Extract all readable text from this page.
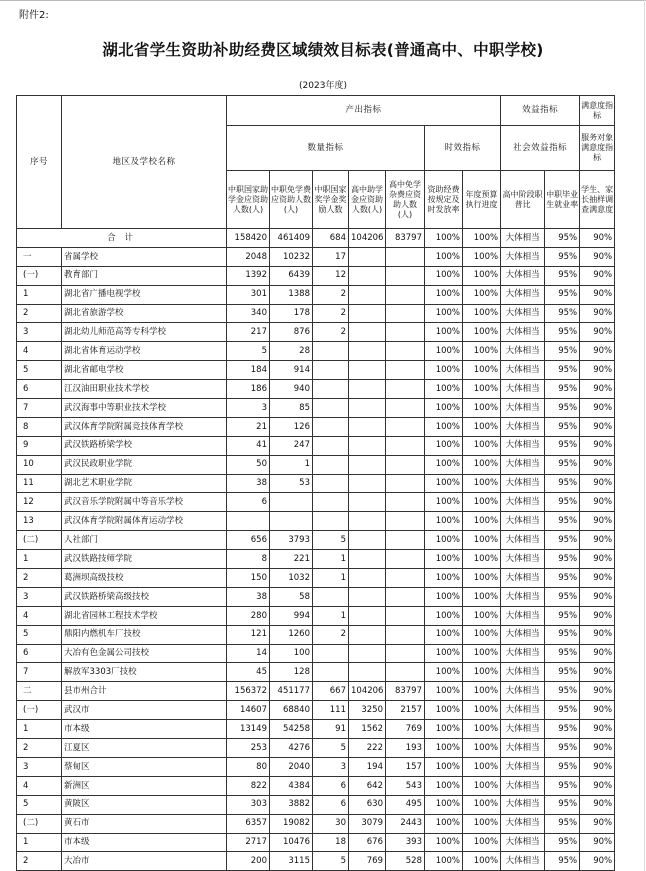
附件2:
湖北省学生资助补助经费区域绩效目标表(普通高中、中职学校)
(2023年度)
序号	地区及学校名称	产出指标							效益指标		满意度指标
		数量指标					时效指标		社会效益指标		服务对象满意度指标
		中职国家助学金应资助人数(人)	中职免学费应资助人数(人)	中职国家奖学金奖励人数	高中助学金应资助人数(人)	高中免学杂费应资助人数(人)	资助经费按规定及时发放率	年度预算执行进度	高中阶段职普比	中职毕业生就业率	学生、家长抽样调查满意度
合 计		158420	461409	684	104206	83797	100%	100%	大体相当	95%	90%
一	省属学校	2048	10232	17			100%	100%	大体相当	95%	90%
(一)	教育部门	1392	6439	12			100%	100%	大体相当	95%	90%
1	湖北省广播电视学校	301	1388	2			100%	100%	大体相当	95%	90%
2	湖北省旅游学校	340	178	2			100%	100%	大体相当	95%	90%
3	湖北幼儿师范高等专科学校	217	876	2			100%	100%	大体相当	95%	90%
4	湖北省体育运动学校	5	28				100%	100%	大体相当	95%	90%
5	湖北省邮电学校	184	914				100%	100%	大体相当	95%	90%
6	江汉油田职业技术学校	186	940				100%	100%	大体相当	95%	90%
7	武汉海事中等职业技术学校	3	85				100%	100%	大体相当	95%	90%
8	武汉体育学院附属竞技体育学校	21	126				100%	100%	大体相当	95%	90%
9	武汉铁路桥梁学校	41	247				100%	100%	大体相当	95%	90%
10	武汉民政职业学院	50	1				100%	100%	大体相当	95%	90%
11	湖北艺术职业学院	38	53				100%	100%	大体相当	95%	90%
12	武汉音乐学院附属中等音乐学校	6					100%	100%	大体相当	95%	90%
13	武汉体育学院附属体育运动学校						100%	100%	大体相当	95%	90%
(二)	人社部门	656	3793	5			100%	100%	大体相当	95%	90%
1	武汉铁路技师学院	8	221	1			100%	100%	大体相当	95%	90%
2	葛洲坝高级技校	150	1032	1			100%	100%	大体相当	95%	90%
3	武汉铁路桥梁高级技校	38	58				100%	100%	大体相当	95%	90%
4	湖北省园林工程技术学校	280	994	1			100%	100%	大体相当	95%	90%
5	鼎阳内燃机车厂技校	121	1260	2			100%	100%	大体相当	95%	90%
6	大冶有色金属公司技校	14	100				100%	100%	大体相当	95%	90%
7	解放军3303厂技校	45	128				100%	100%	大体相当	95%	90%
二	县市州合计	156372	451177	667	104206	83797	100%	100%	大体相当	95%	90%
(一)	武汉市	14607	68840	111	3250	2157	100%	100%	大体相当	95%	90%
1	市本级	13149	54258	91	1562	769	100%	100%	大体相当	95%	90%
2	江夏区	253	4276	5	222	193	100%	100%	大体相当	95%	90%
3	蔡甸区	80	2040	3	194	157	100%	100%	大体相当	95%	90%
4	新洲区	822	4384	6	642	543	100%	100%	大体相当	95%	90%
5	黄陂区	303	3882	6	630	495	100%	100%	大体相当	95%	90%
(二)	黄石市	6357	19082	30	3079	2443	100%	100%	大体相当	95%	90%
1	市本级	2717	10476	18	676	393	100%	100%	大体相当	95%	90%
2	大冶市	200	3115	5	769	528	100%	100%	大体相当	95%	90%
